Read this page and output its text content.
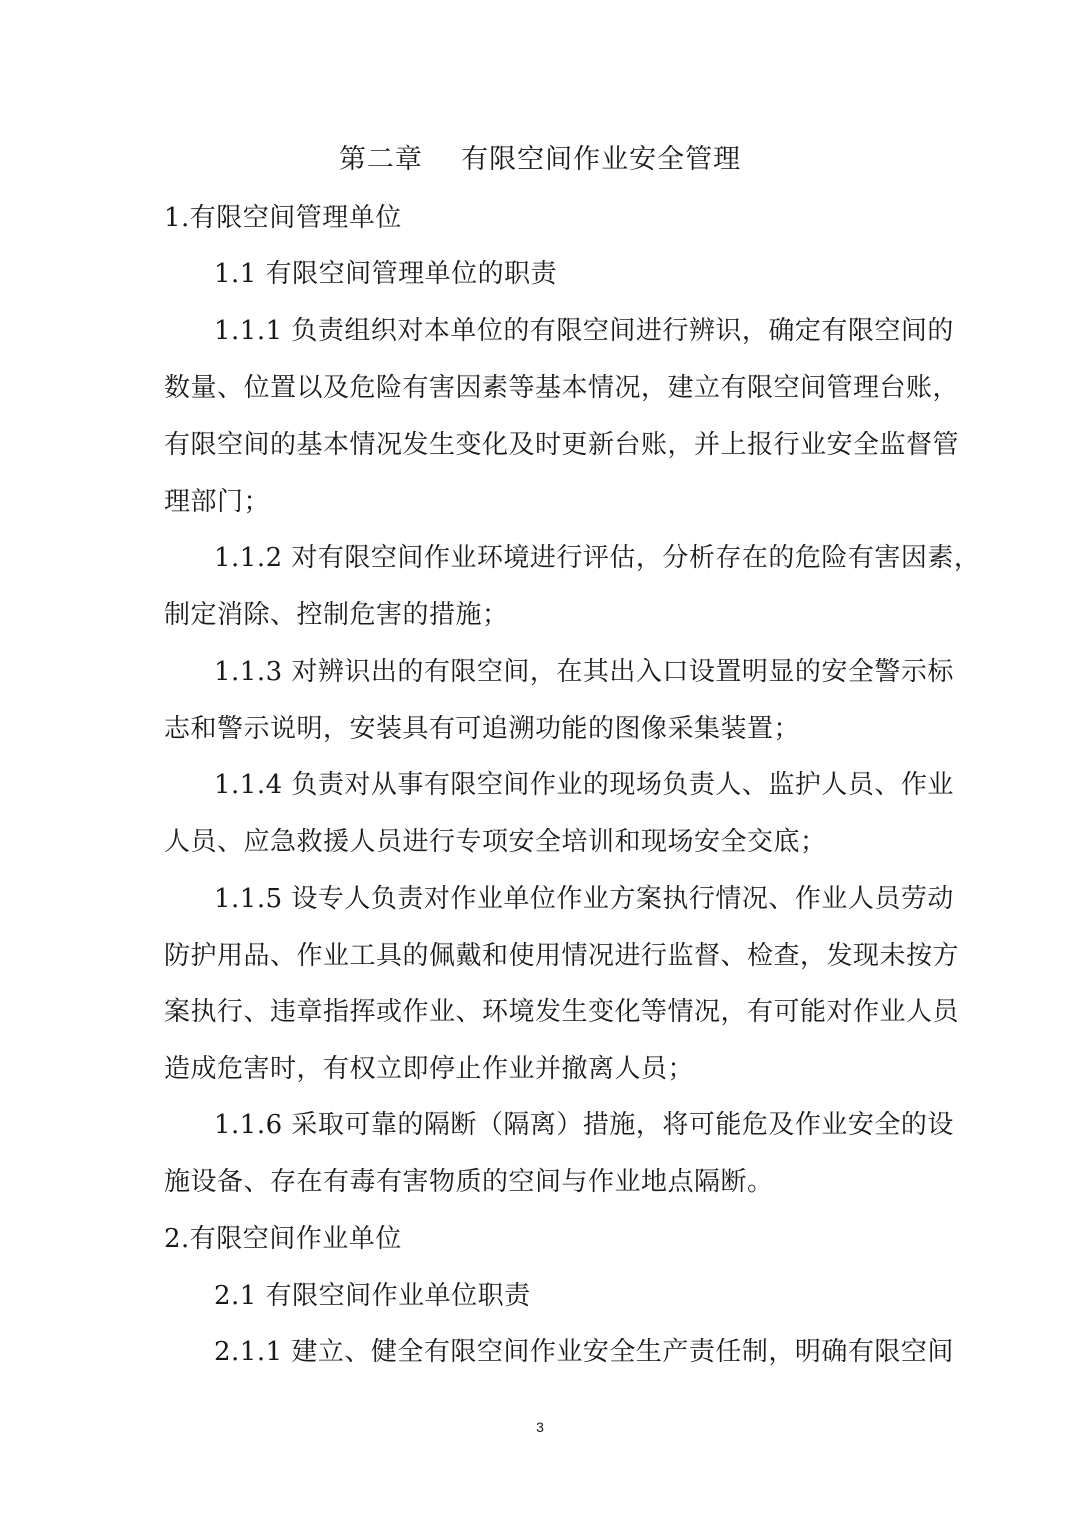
第二章    有限空间作业安全管理
1.有限空间管理单位
1.1 有限空间管理单位的职责
1.1.1 负责组织对本单位的有限空间进行辨识，确定有限空间的
数量、位置以及危险有害因素等基本情况，建立有限空间管理台账，
有限空间的基本情况发生变化及时更新台账，并上报行业安全监督管
理部门；
1.1.2 对有限空间作业环境进行评估，分析存在的危险有害因素，
制定消除、控制危害的措施；
1.1.3 对辨识出的有限空间，在其出入口设置明显的安全警示标
志和警示说明，安装具有可追溯功能的图像采集装置；
1.1.4 负责对从事有限空间作业的现场负责人、监护人员、作业
人员、应急救援人员进行专项安全培训和现场安全交底；
1.1.5 设专人负责对作业单位作业方案执行情况、作业人员劳动
防护用品、作业工具的佩戴和使用情况进行监督、检查，发现未按方
案执行、违章指挥或作业、环境发生变化等情况，有可能对作业人员
造成危害时，有权立即停止作业并撤离人员；
1.1.6 采取可靠的隔断（隔离）措施，将可能危及作业安全的设
施设备、存在有毒有害物质的空间与作业地点隔断。
2.有限空间作业单位
2.1 有限空间作业单位职责
2.1.1 建立、健全有限空间作业安全生产责任制，明确有限空间
3
